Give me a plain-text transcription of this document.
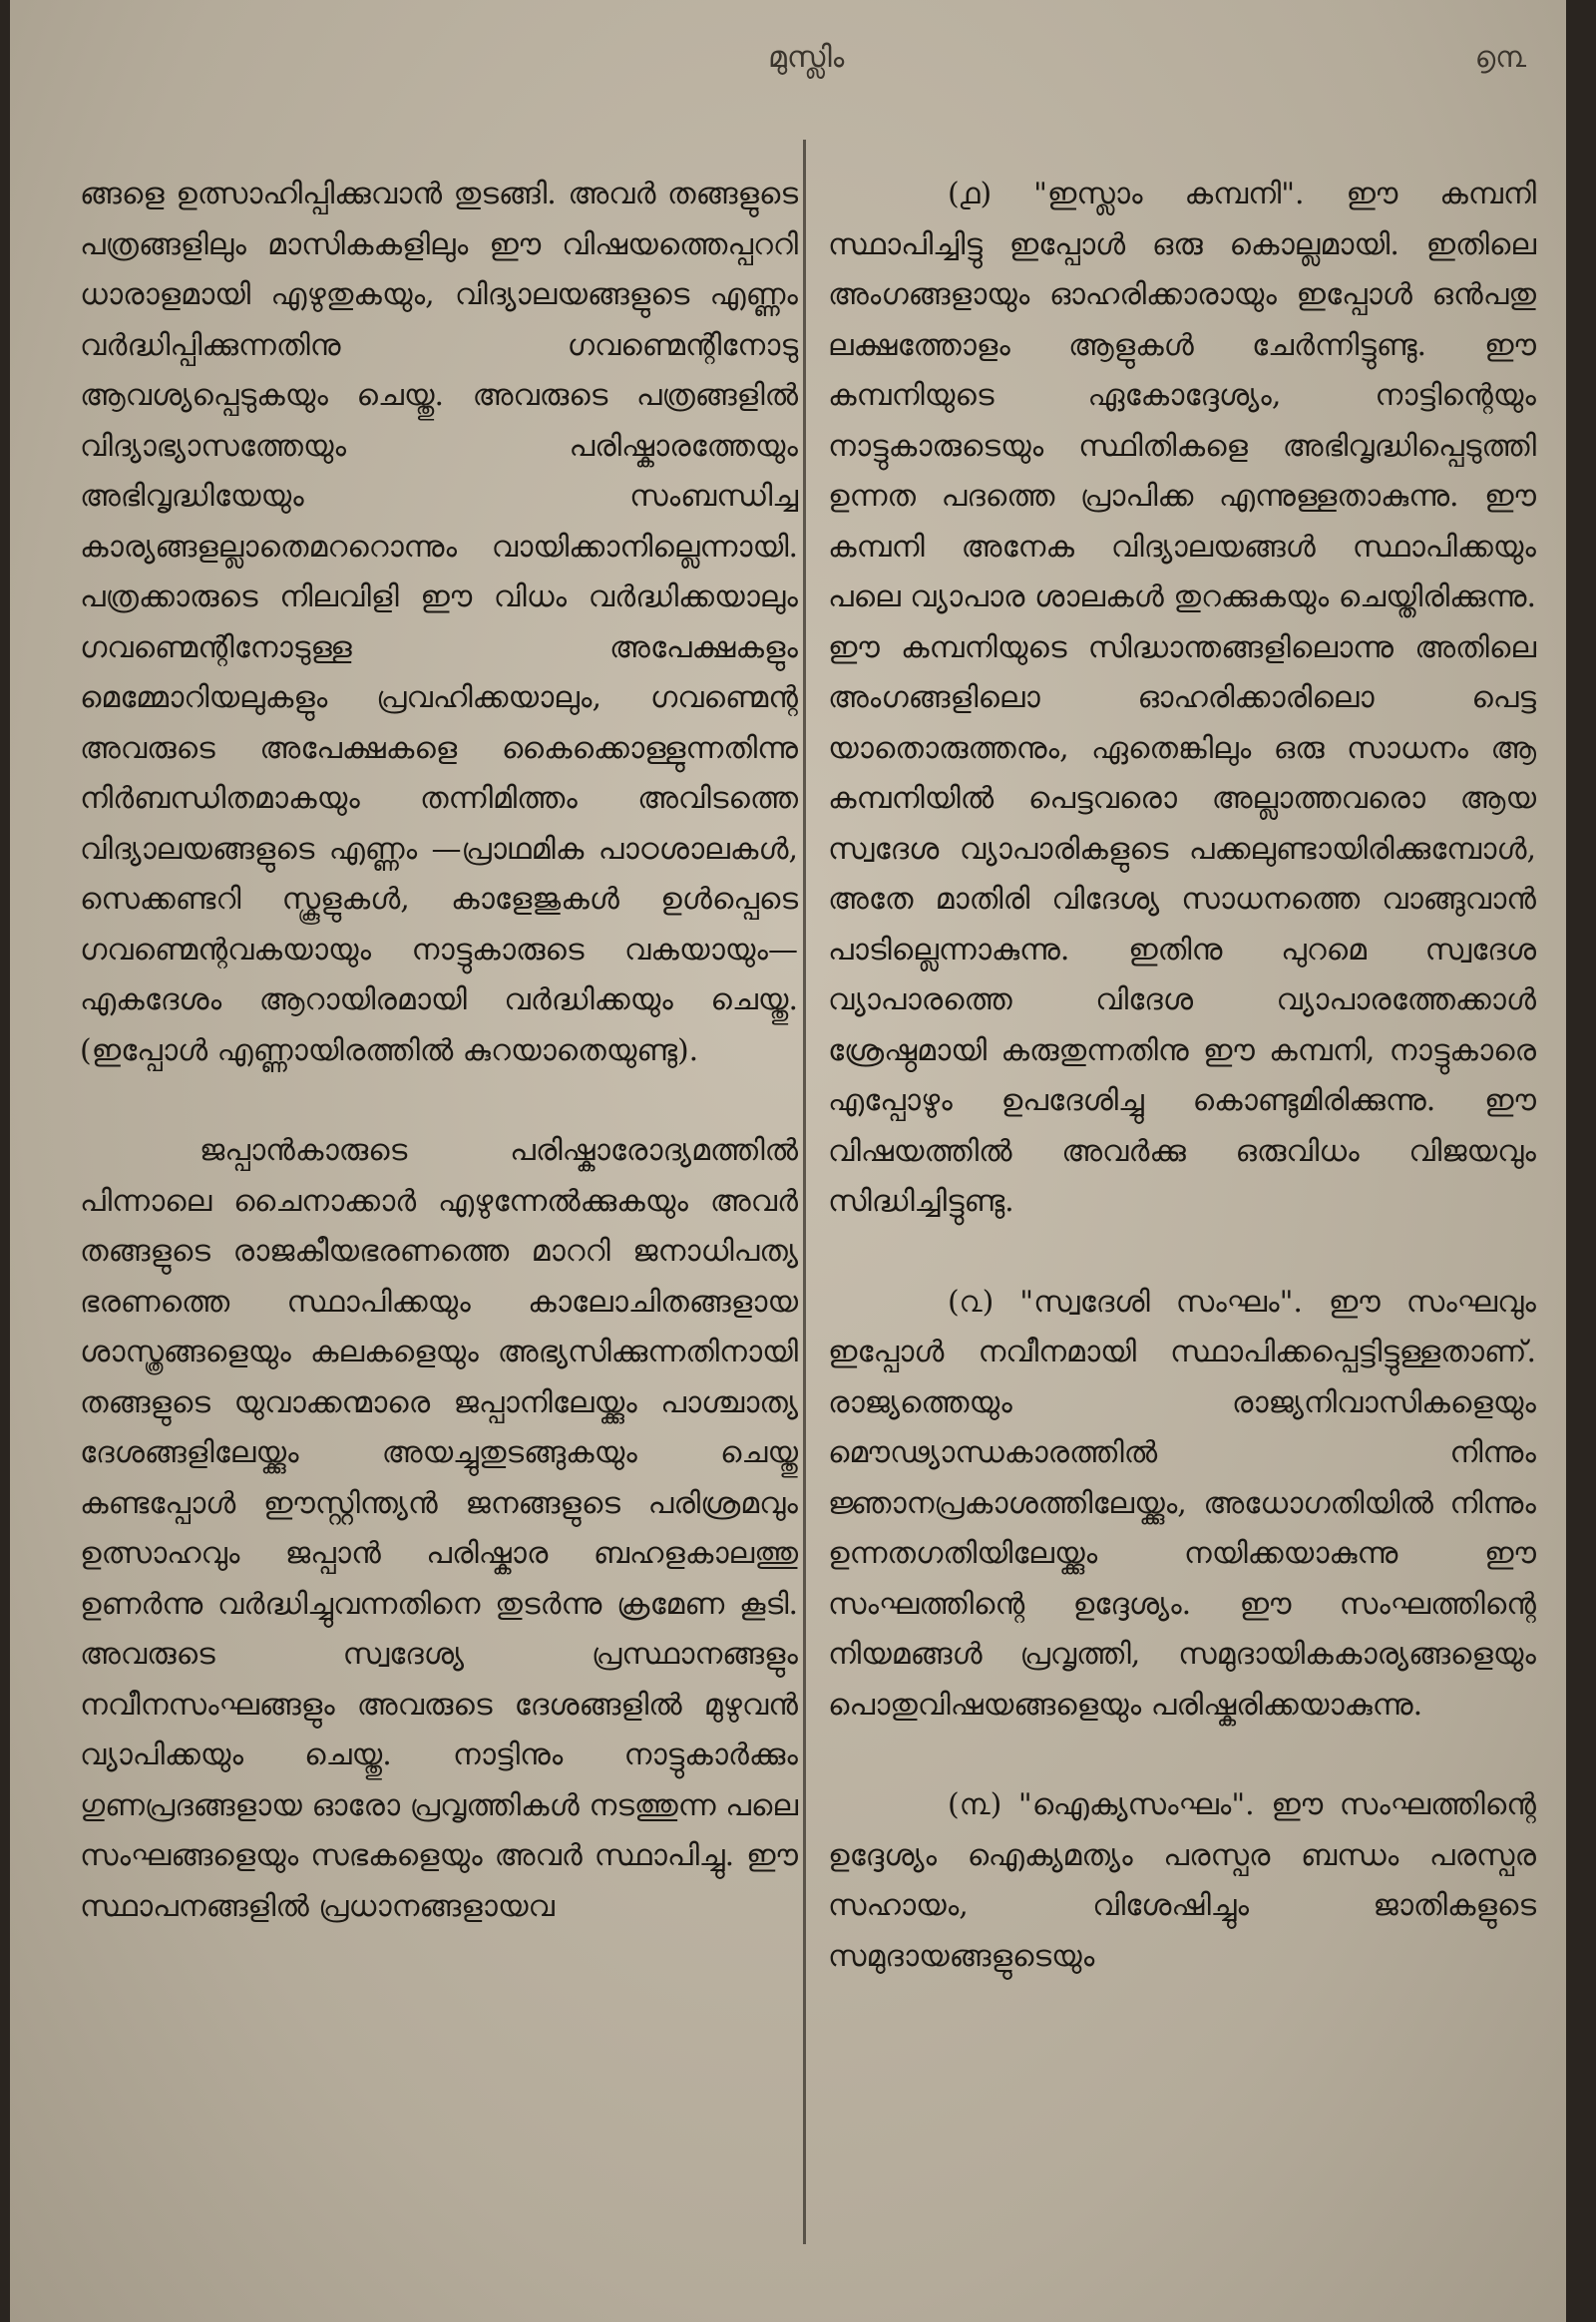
മുസ്ലിം	൭൩

ങ്ങളെ ഉത്സാഹിപ്പിക്കുവാൻ തുടങ്ങി. അവർ തങ്ങളുടെ പത്രങ്ങളിലും മാസികകളിലും ഈ വിഷയത്തെപ്പററി ധാരാളമായി എഴുതുകയും, വിദ്യാലയങ്ങളുടെ എണ്ണം വർദ്ധിപ്പിക്കുന്നതിനു ഗവണ്മെന്റിനോടു ആവശ്യപ്പെടുകയും ചെയ്തു. അവരുടെ പത്രങ്ങളിൽ വിദ്യാഭ്യാസത്തേയും പരിഷ്കാരത്തേയും അഭിവൃദ്ധിയേയും സംബന്ധിച്ച കാര്യങ്ങളല്ലാതെമററൊന്നും വായിക്കാനില്ലെന്നായി. പത്രക്കാരുടെ നിലവിളി ഈ വിധം വർദ്ധിക്കയാലും ഗവണ്മെന്റിനോടുള്ള അപേക്ഷകളും മെമ്മോറിയലുകളും പ്രവഹിക്കയാലും, ഗവണ്മെന്റ അവരുടെ അപേക്ഷകളെ കൈക്കൊള്ളുന്നതിന്നു നിർബന്ധിതമാകയും തന്നിമിത്തം അവിടത്തെ വിദ്യാലയങ്ങളുടെ എണ്ണം —പ്രാഥമിക പാഠശാലകൾ, സെക്കണ്ടറി സ്കൂളുകൾ, കാളേജുകൾ ഉൾപ്പെടെ ഗവണ്മെന്റവകയായും നാട്ടുകാരുടെ വകയായും—എകദേശം ആറായിരമായി വർദ്ധിക്കയും ചെയ്തു. (ഇപ്പോൾ എണ്ണായിരത്തിൽ കുറയാതെയുണ്ടു).

ജപ്പാൻകാരുടെ പരിഷ്കാരോദ്യമത്തിൽ പിന്നാലെ ചൈനാക്കാർ എഴുന്നേൽക്കുകയും അവർ തങ്ങളുടെ രാജകീയഭരണത്തെ മാററി ജനാധിപത്യ ഭരണത്തെ സ്ഥാപിക്കയും കാലോചിതങ്ങളായ ശാസ്ത്രങ്ങളെയും കലകളെയും അഭ്യസിക്കുന്നതിനായി തങ്ങളുടെ യുവാക്കന്മാരെ ജപ്പാനിലേയ്ക്കും പാശ്ചാത്യ ദേശങ്ങളിലേയ്ക്കും അയച്ചുതുടങ്ങുകയും ചെയ്തു കണ്ടപ്പോൾ ഈസ്റ്റിന്ത്യൻ ജനങ്ങളുടെ പരിശ്രമവും ഉത്സാഹവും ജപ്പാൻ പരിഷ്കാര ബഹളകാലത്തു ഉണർന്നു വർദ്ധിച്ചുവന്നതിനെ തുടർന്നു ക്രമേണ കൂടി. അവരുടെ സ്വദേശ്യ പ്രസ്ഥാനങ്ങളും നവീനസംഘങ്ങളും അവരുടെ ദേശങ്ങളിൽ മുഴുവൻ വ്യാപിക്കയും ചെയ്തു. നാട്ടിനും നാട്ടുകാർക്കും ഗുണപ്രദങ്ങളായ ഓരോ പ്രവൃത്തികൾ നടത്തുന്ന പലെ സംഘങ്ങളെയും സഭകളെയും അവർ സ്ഥാപിച്ചു. ഈ സ്ഥാപനങ്ങളിൽ പ്രധാനങ്ങളായവ

(൧) "ഇസ്ലാം കമ്പനി". ഈ കമ്പനി സ്ഥാപിച്ചിട്ടു ഇപ്പോൾ ഒരു കൊല്ലമായി. ഇതിലെ അംഗങ്ങളായും ഓഹരിക്കാരായും ഇപ്പോൾ ഒൻപതു ലക്ഷത്തോളം ആളുകൾ ചേർന്നിട്ടുണ്ടു. ഈ കമ്പനിയുടെ ഏകോദ്ദേശ്യം, നാട്ടിന്റെയും നാട്ടുകാരുടെയും സ്ഥിതികളെ അഭിവൃദ്ധിപ്പെടുത്തി ഉന്നത പദത്തെ പ്രാപിക്ക എന്നുള്ളതാകുന്നു. ഈ കമ്പനി അനേക വിദ്യാലയങ്ങൾ സ്ഥാപിക്കയും പലെ വ്യാപാര ശാലകൾ തുറക്കുകയും ചെയ്തിരിക്കുന്നു. ഈ കമ്പനിയുടെ സിദ്ധാന്തങ്ങളിലൊന്നു അതിലെ അംഗങ്ങളിലൊ ഓഹരിക്കാരിലൊ പെട്ട യാതൊരുത്തനും, ഏതെങ്കിലും ഒരു സാധനം ആ കമ്പനിയിൽ പെട്ടവരൊ അല്ലാത്തവരൊ ആയ സ്വദേശ വ്യാപാരികളുടെ പക്കലുണ്ടായിരിക്കുമ്പോൾ, അതേ മാതിരി വിദേശ്യ സാധനത്തെ വാങ്ങുവാൻ പാടില്ലെന്നാകുന്നു. ഇതിനു പുറമെ സ്വദേശ വ്യാപാരത്തെ വിദേശ വ്യാപാരത്തേക്കാൾ ശ്രേഷ്ഠമായി കരുതുന്നതിനു ഈ കമ്പനി, നാട്ടുകാരെ എപ്പോഴും ഉപദേശിച്ചു കൊണ്ടുമിരിക്കുന്നു. ഈ വിഷയത്തിൽ അവർക്കു ഒരുവിധം വിജയവും സിദ്ധിച്ചിട്ടുണ്ടു.

(൨) "സ്വദേശി സംഘം". ഈ സംഘവും ഇപ്പോൾ നവീനമായി സ്ഥാപിക്കപ്പെട്ടിട്ടുള്ളതാണ്. രാജ്യത്തെയും രാജ്യനിവാസികളെയും മൌഢ്യാന്ധകാരത്തിൽ നിന്നും ജ്ഞാനപ്രകാശത്തിലേയ്ക്കും, അധോഗതിയിൽ നിന്നും ഉന്നതഗതിയിലേയ്ക്കും നയിക്കയാകുന്നു ഈ സംഘത്തിന്റെ ഉദ്ദേശ്യം. ഈ സംഘത്തിന്റെ നിയമങ്ങൾ പ്രവൃത്തി, സമുദായികകാര്യങ്ങളെയും പൊതുവിഷയങ്ങളെയും പരിഷ്കരിക്കയാകുന്നു.

(൩) "ഐക്യസംഘം". ഈ സംഘത്തിന്റെ ഉദ്ദേശ്യം ഐക്യമത്യം പരസ്പര ബന്ധം പരസ്പര സഹായം, വിശേഷിച്ചും ജാതികളുടെ സമുദായങ്ങളുടെയും
